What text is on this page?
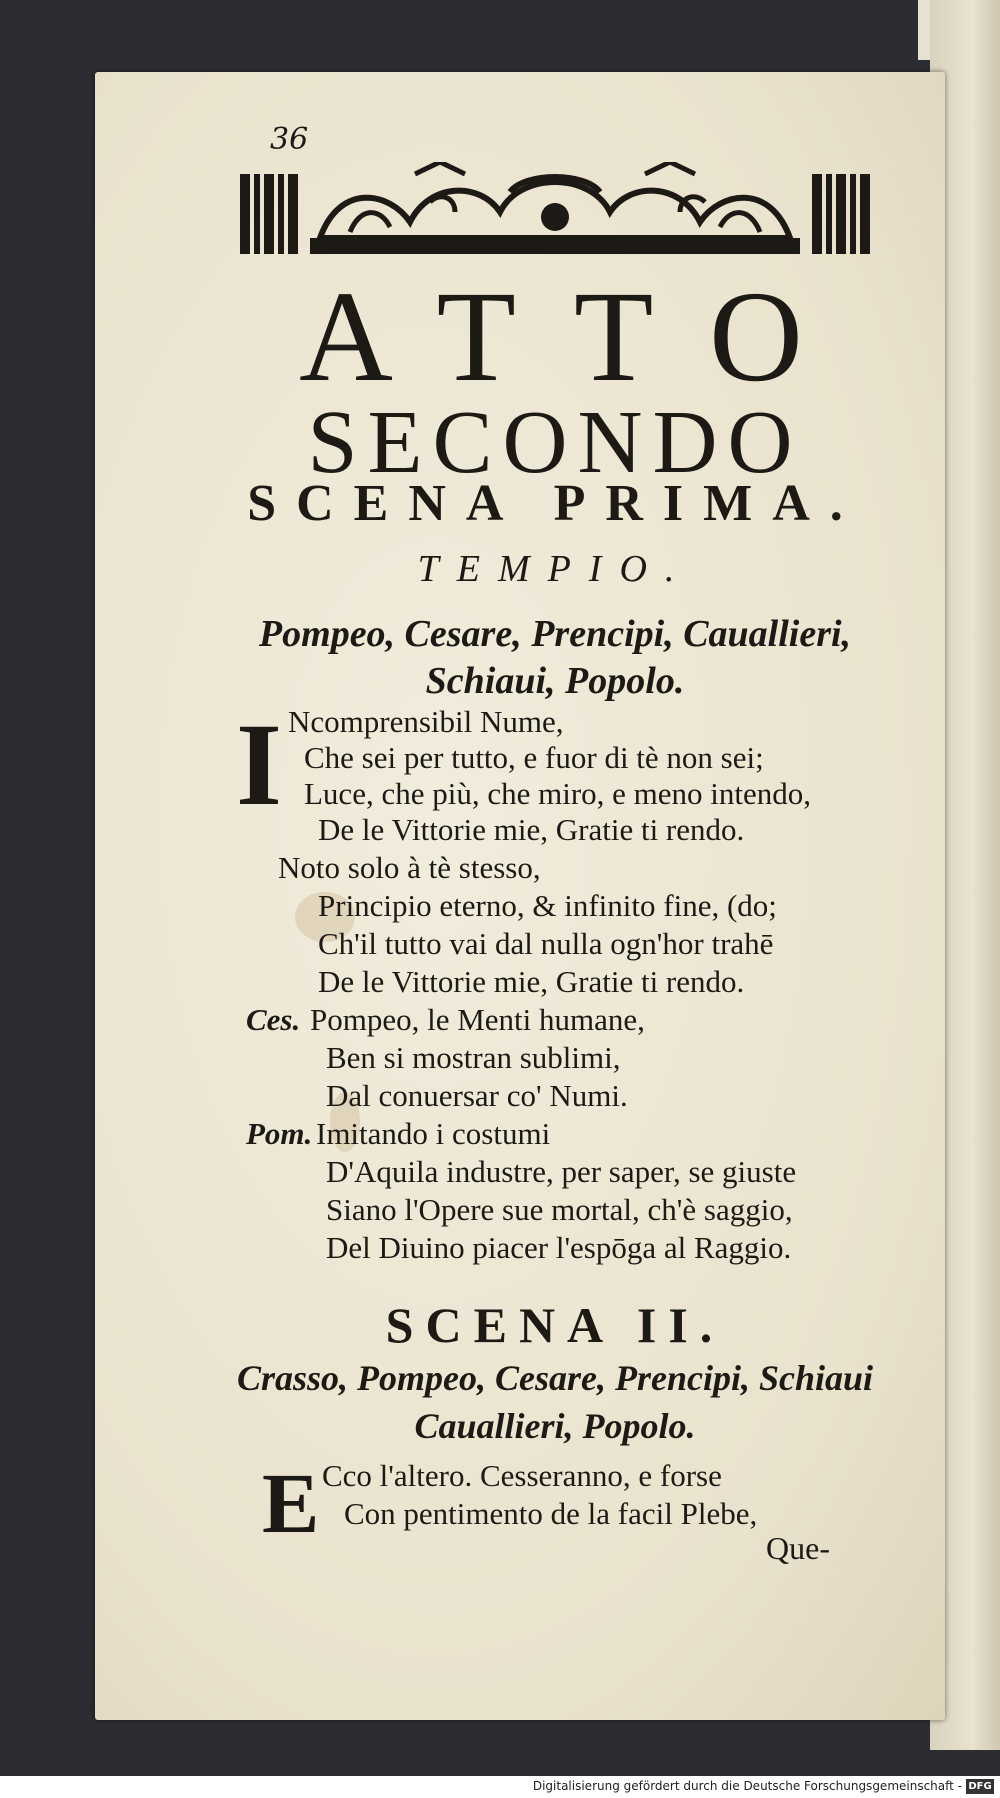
36
ATTO
SECONDO
SCENA PRIMA.
TEMPIO.
Pompeo, Cesare, Prencipi, Cauallieri,
Schiaui, Popolo.
I Ncomprensibil Nume,
Che sei per tutto, e fuor di tè non sei;
Luce, che più, che miro, e meno intendo,
De le Vittorie mie, Gratie ti rendo.
Noto solo à tè stesso,
Principio eterno, & infinito fine, (do;
Ch'il tutto vai dal nulla ogn'hor trahē
De le Vittorie mie, Gratie ti rendo.
Ces. Pompeo, le Menti humane,
Ben si mostran sublimi,
Dal conuersar co' Numi.
Pom. Imitando i costumi
D'Aquila industre, per saper, se giuste
Siano l'Opere sue mortal, ch'è saggio,
Del Diuino piacer l'espōga al Raggio.
SCENA II.
Crasso, Pompeo, Cesare, Prencipi, Schiaui
Cauallieri, Popolo.
E Cco l'altero. Cesseranno, e forse
Con pentimento de la facil Plebe,
Que-
Digitalisierung gefördert durch die Deutsche Forschungsgemeinschaft - DFG
